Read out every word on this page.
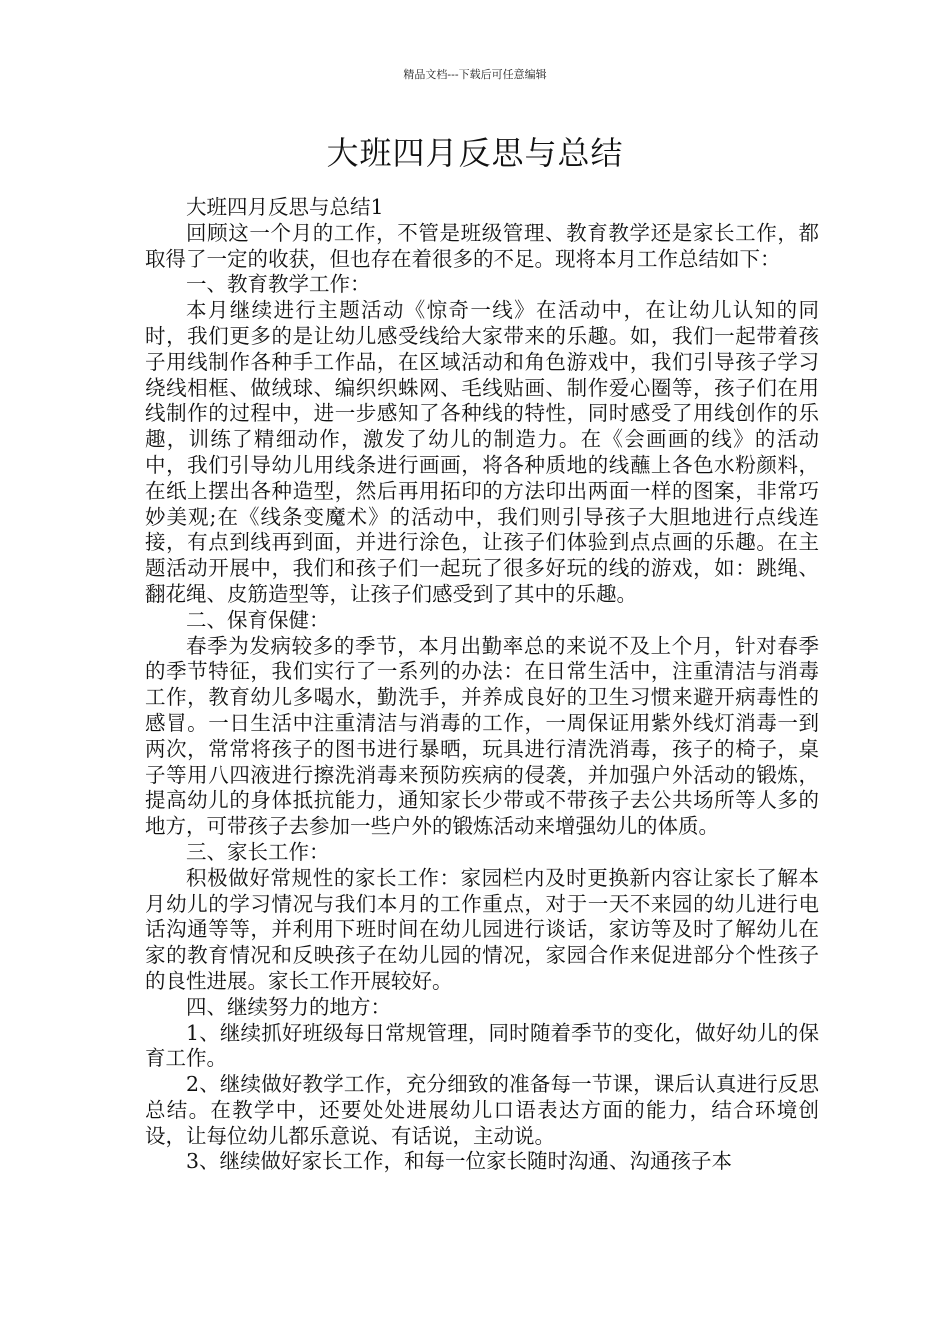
精品文档---下载后可任意编辑
大班四月反思与总结

大班四月反思与总结1

回顾这一个月的工作，不管是班级管理、教育教学还是家长工作，都取得了一定的收获，但也存在着很多的不足。现将本月工作总结如下：

一、教育教学工作：

本月继续进行主题活动《惊奇一线》在活动中，在让幼儿认知的同时，我们更多的是让幼儿感受线给大家带来的乐趣。如，我们一起带着孩子用线制作各种手工作品，在区域活动和角色游戏中，我们引导孩子学习绕线相框、做绒球、编织织蛛网、毛线贴画、制作爱心圈等，孩子们在用线制作的过程中，进一步感知了各种线的特性，同时感受了用线创作的乐趣，训练了精细动作，激发了幼儿的制造力。在《会画画的线》的活动中，我们引导幼儿用线条进行画画，将各种质地的线蘸上各色水粉颜料，在纸上摆出各种造型，然后再用拓印的方法印出两面一样的图案，非常巧妙美观;在《线条变魔术》的活动中，我们则引导孩子大胆地进行点线连接，有点到线再到面，并进行涂色，让孩子们体验到点点画的乐趣。在主题活动开展中，我们和孩子们一起玩了很多好玩的线的游戏，如：跳绳、翻花绳、皮筋造型等，让孩子们感受到了其中的乐趣。

二、保育保健：

春季为发病较多的季节，本月出勤率总的来说不及上个月，针对春季的季节特征，我们实行了一系列的办法：在日常生活中，注重清洁与消毒工作，教育幼儿多喝水，勤洗手，并养成良好的卫生习惯来避开病毒性的感冒。一日生活中注重清洁与消毒的工作，一周保证用紫外线灯消毒一到两次，常常将孩子的图书进行暴晒，玩具进行清洗消毒，孩子的椅子，桌子等用八四液进行擦洗消毒来预防疾病的侵袭，并加强户外活动的锻炼，提高幼儿的身体抵抗能力，通知家长少带或不带孩子去公共场所等人多的地方，可带孩子去参加一些户外的锻炼活动来增强幼儿的体质。

三、家长工作：

积极做好常规性的家长工作：家园栏内及时更换新内容让家长了解本月幼儿的学习情况与我们本月的工作重点，对于一天不来园的幼儿进行电话沟通等等，并利用下班时间在幼儿园进行谈话，家访等及时了解幼儿在家的教育情况和反映孩子在幼儿园的情况，家园合作来促进部分个性孩子的良性进展。家长工作开展较好。

四、继续努力的地方：

1、继续抓好班级每日常规管理，同时随着季节的变化，做好幼儿的保育工作。

2、继续做好教学工作，充分细致的准备每一节课，课后认真进行反思总结。在教学中，还要处处进展幼儿口语表达方面的能力，结合环境创设，让每位幼儿都乐意说、有话说，主动说。

3、继续做好家长工作，和每一位家长随时沟通、沟通孩子本
